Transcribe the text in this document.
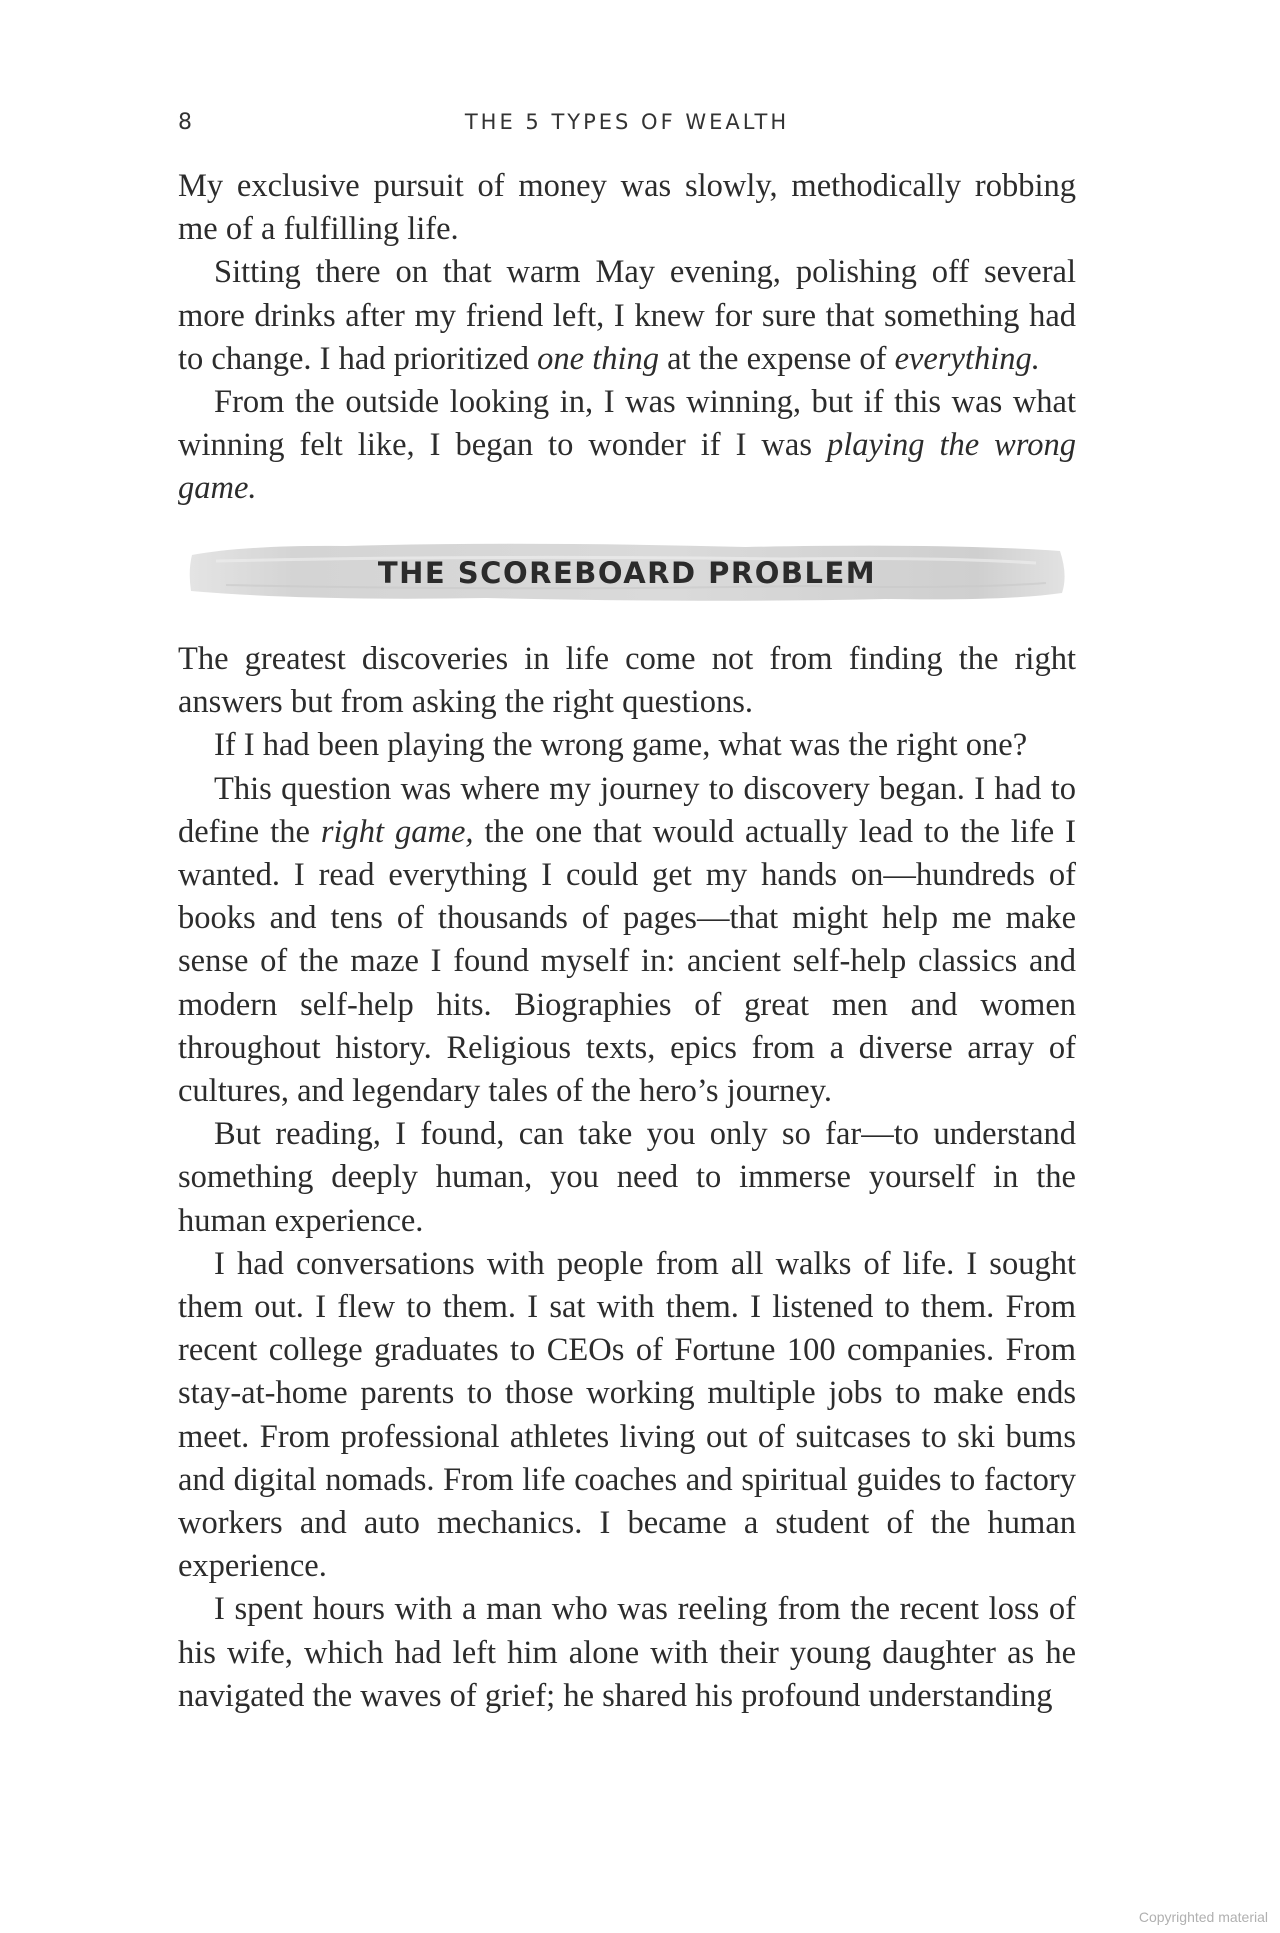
8	THE 5 TYPES OF WEALTH

My exclusive pursuit of money was slowly, methodically robbing me of a fulfilling life.

Sitting there on that warm May evening, polishing off several more drinks after my friend left, I knew for sure that something had to change. I had prioritized one thing at the expense of everything.

From the outside looking in, I was winning, but if this was what winning felt like, I began to wonder if I was playing the wrong game.

THE SCOREBOARD PROBLEM

The greatest discoveries in life come not from finding the right answers but from asking the right questions.

If I had been playing the wrong game, what was the right one?

This question was where my journey to discovery began. I had to define the right game, the one that would actually lead to the life I wanted. I read everything I could get my hands on—hundreds of books and tens of thousands of pages—that might help me make sense of the maze I found myself in: ancient self-help classics and modern self-help hits. Biographies of great men and women throughout history. Religious texts, epics from a diverse array of cultures, and legendary tales of the hero’s journey.

But reading, I found, can take you only so far—to understand something deeply human, you need to immerse yourself in the human experience.

I had conversations with people from all walks of life. I sought them out. I flew to them. I sat with them. I listened to them. From recent college graduates to CEOs of Fortune 100 companies. From stay-at-home parents to those working multiple jobs to make ends meet. From professional athletes living out of suitcases to ski bums and digital nomads. From life coaches and spiritual guides to factory workers and auto mechanics. I became a student of the human experience.

I spent hours with a man who was reeling from the recent loss of his wife, which had left him alone with their young daughter as he navigated the waves of grief; he shared his profound understanding

Copyrighted material
